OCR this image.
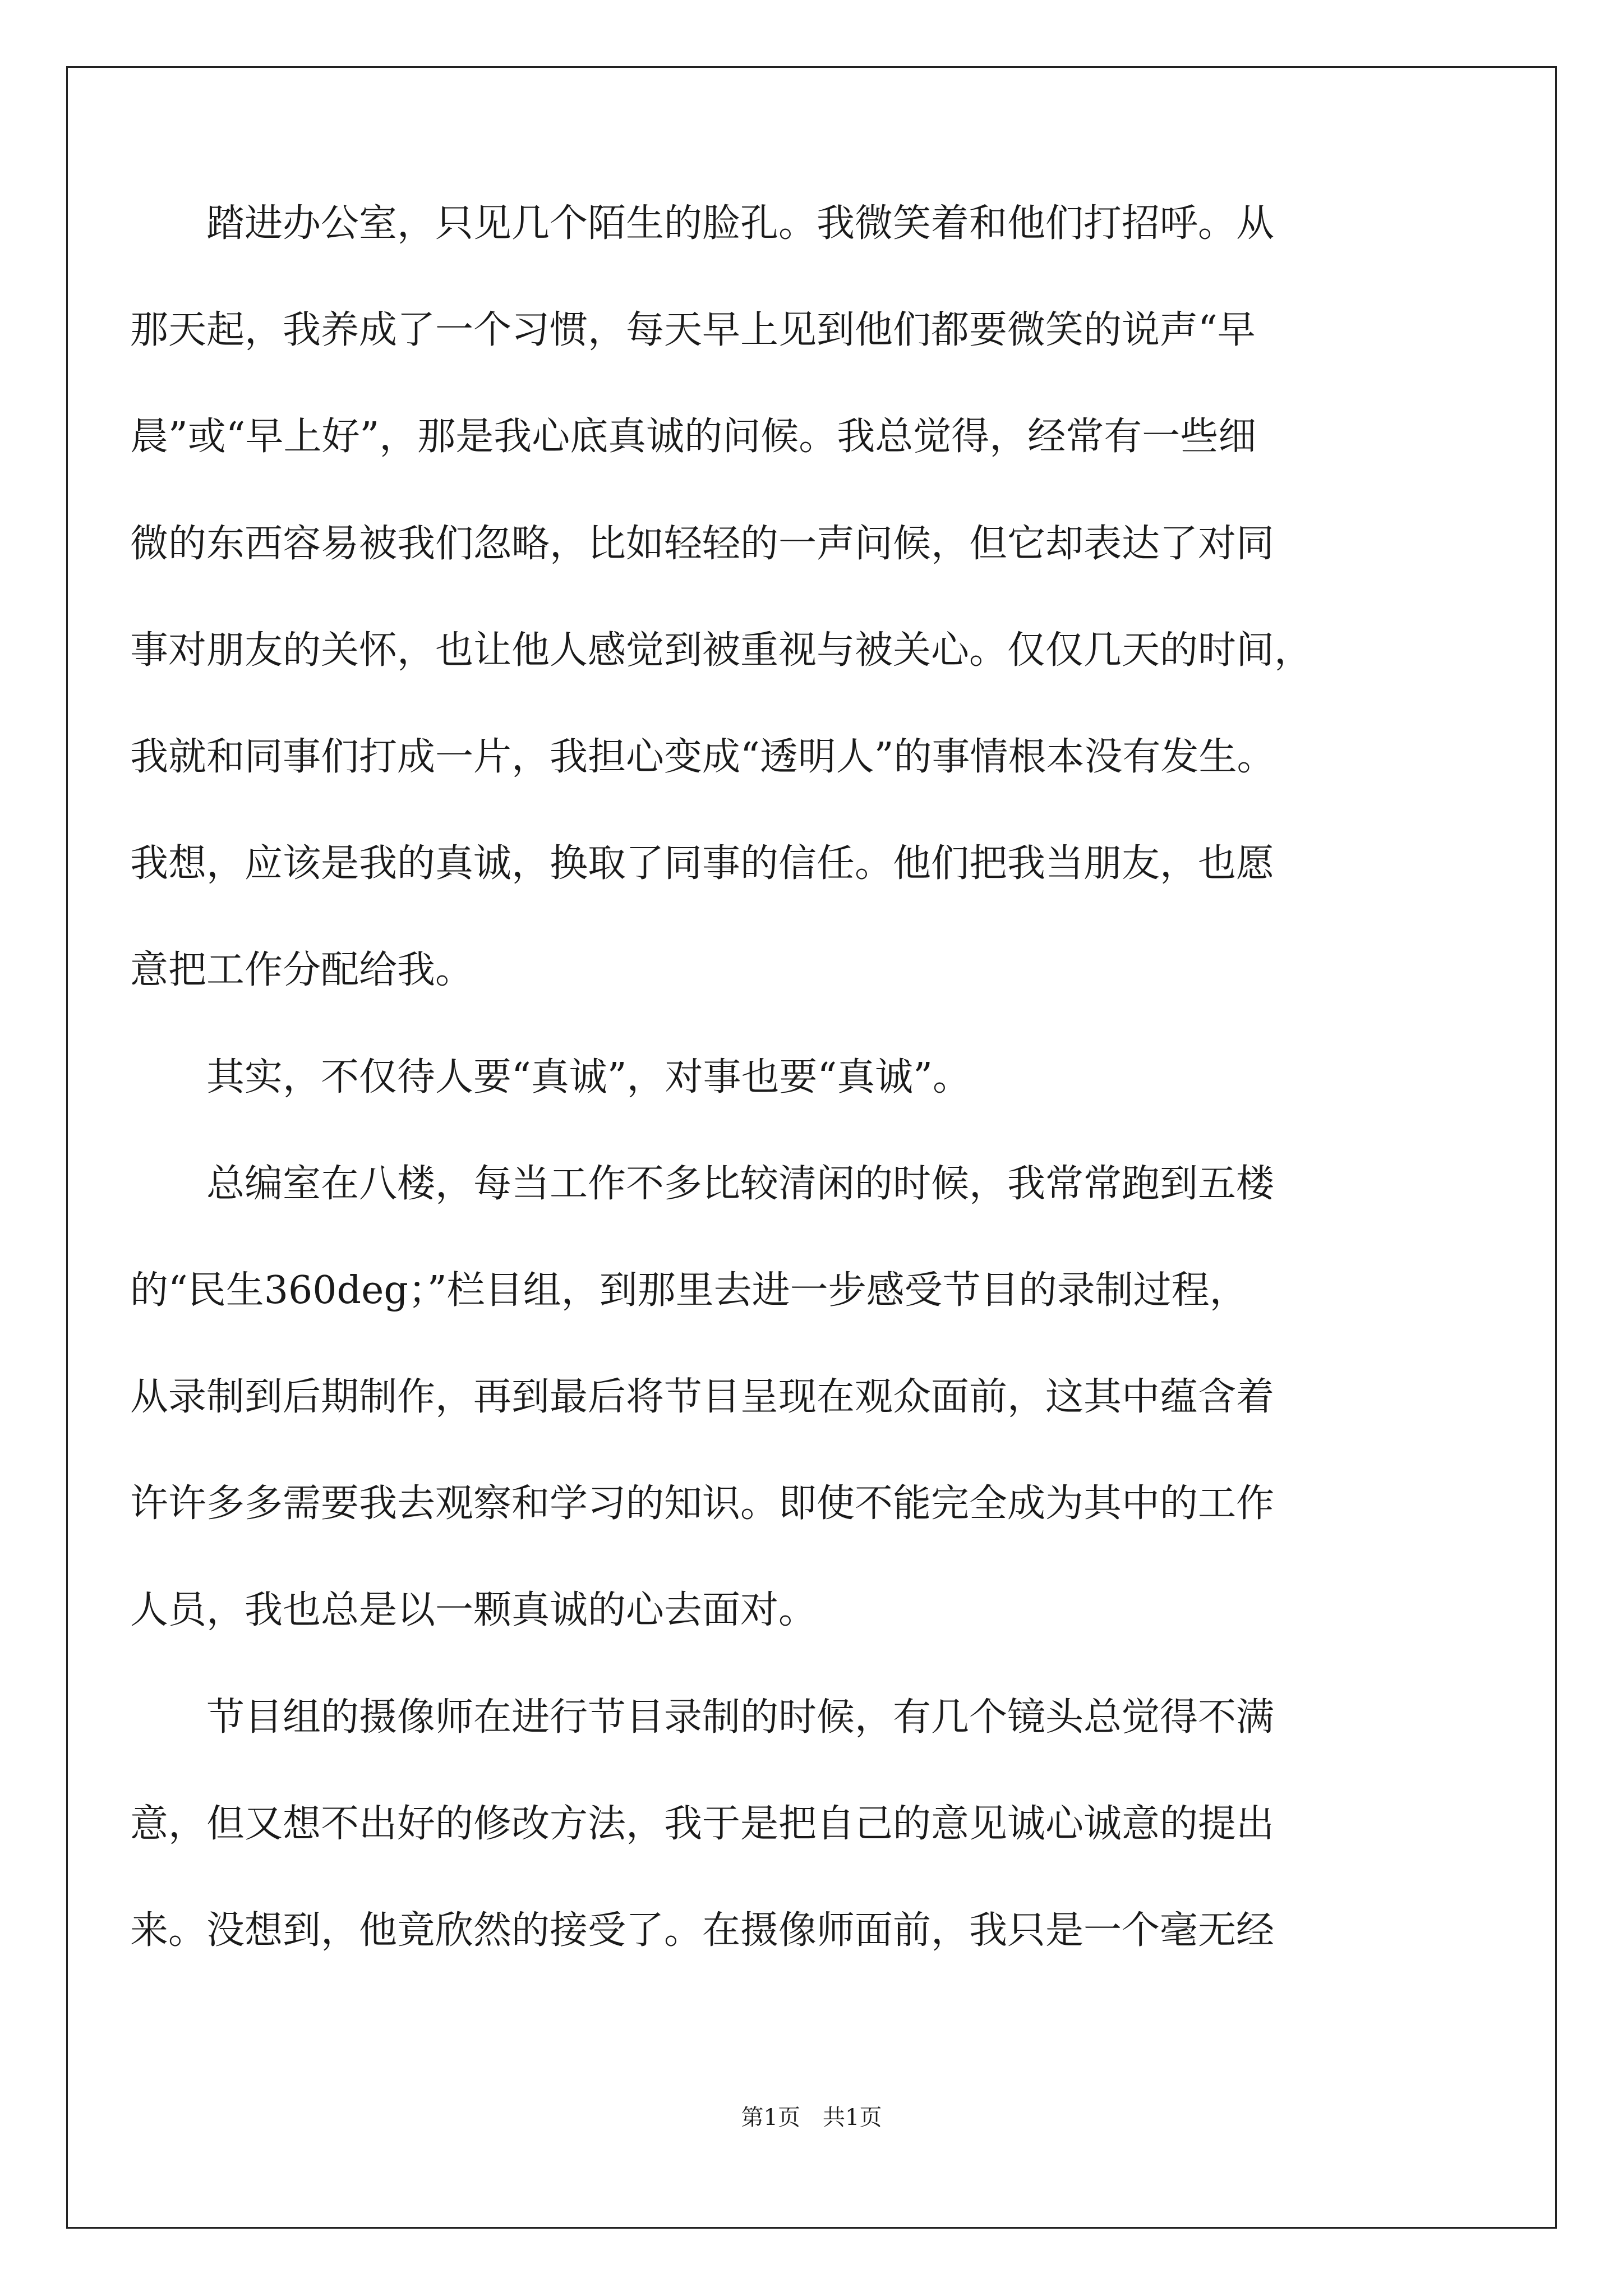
　　踏进办公室，只见几个陌生的脸孔。我微笑着和他们打招呼。从
那天起，我养成了一个习惯，每天早上见到他们都要微笑的说声“早
晨”或“早上好”，那是我心底真诚的问候。我总觉得，经常有一些细
微的东西容易被我们忽略，比如轻轻的一声问候，但它却表达了对同
事对朋友的关怀，也让他人感觉到被重视与被关心。仅仅几天的时间，
我就和同事们打成一片，我担心变成“透明人”的事情根本没有发生。
我想，应该是我的真诚，换取了同事的信任。他们把我当朋友，也愿
意把工作分配给我。
　　其实，不仅待人要“真诚”，对事也要“真诚”。
　　总编室在八楼，每当工作不多比较清闲的时候，我常常跑到五楼
的“民生360deg；”栏目组，到那里去进一步感受节目的录制过程，
从录制到后期制作，再到最后将节目呈现在观众面前，这其中蕴含着
许许多多需要我去观察和学习的知识。即使不能完全成为其中的工作
人员，我也总是以一颗真诚的心去面对。
　　节目组的摄像师在进行节目录制的时候，有几个镜头总觉得不满
意，但又想不出好的修改方法，我于是把自己的意见诚心诚意的提出
来。没想到，他竟欣然的接受了。在摄像师面前，我只是一个毫无经
第1页　共1页
